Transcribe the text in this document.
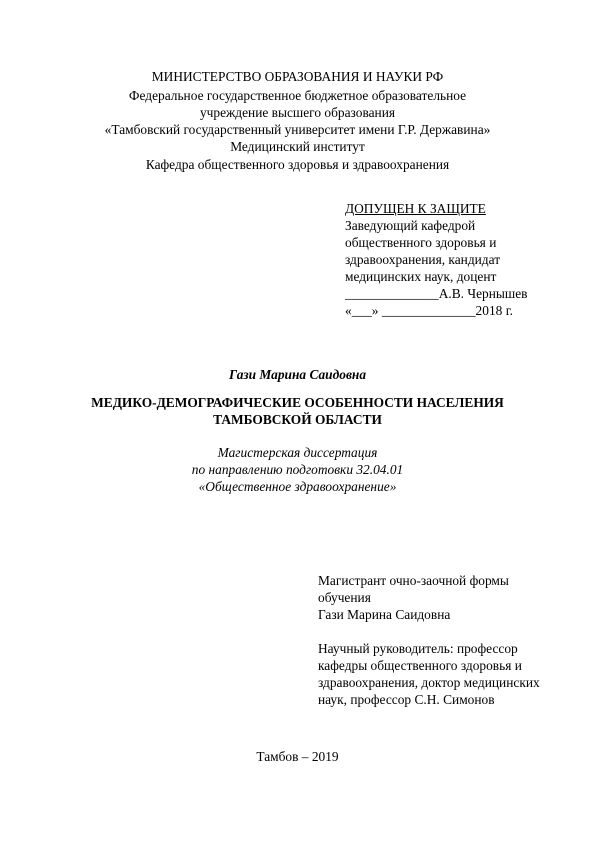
МИНИСТЕРСТВО ОБРАЗОВАНИЯ И НАУКИ РФ
Федеральное государственное бюджетное образовательное
учреждение высшего образования
«Тамбовский государственный университет имени Г.Р. Державина»
Медицинский институт
Кафедра общественного здоровья и здравоохранения
ДОПУЩЕН К ЗАЩИТЕ
Заведующий кафедрой
общественного здоровья и
здравоохранения, кандидат
медицинских наук, доцент
______________А.В. Чернышев
«___» ______________2018 г.
Гази Марина Саидовна
МЕДИКО-ДЕМОГРАФИЧЕСКИЕ ОСОБЕННОСТИ НАСЕЛЕНИЯ
ТАМБОВСКОЙ ОБЛАСТИ
Магистерская диссертация
по направлению подготовки 32.04.01
«Общественное здравоохранение»
Магистрант очно-заочной формы
обучения
Гази Марина Саидовна
Научный руководитель: профессор
кафедры общественного здоровья и
здравоохранения, доктор медицинских
наук, профессор С.Н. Симонов
Тамбов – 2019
